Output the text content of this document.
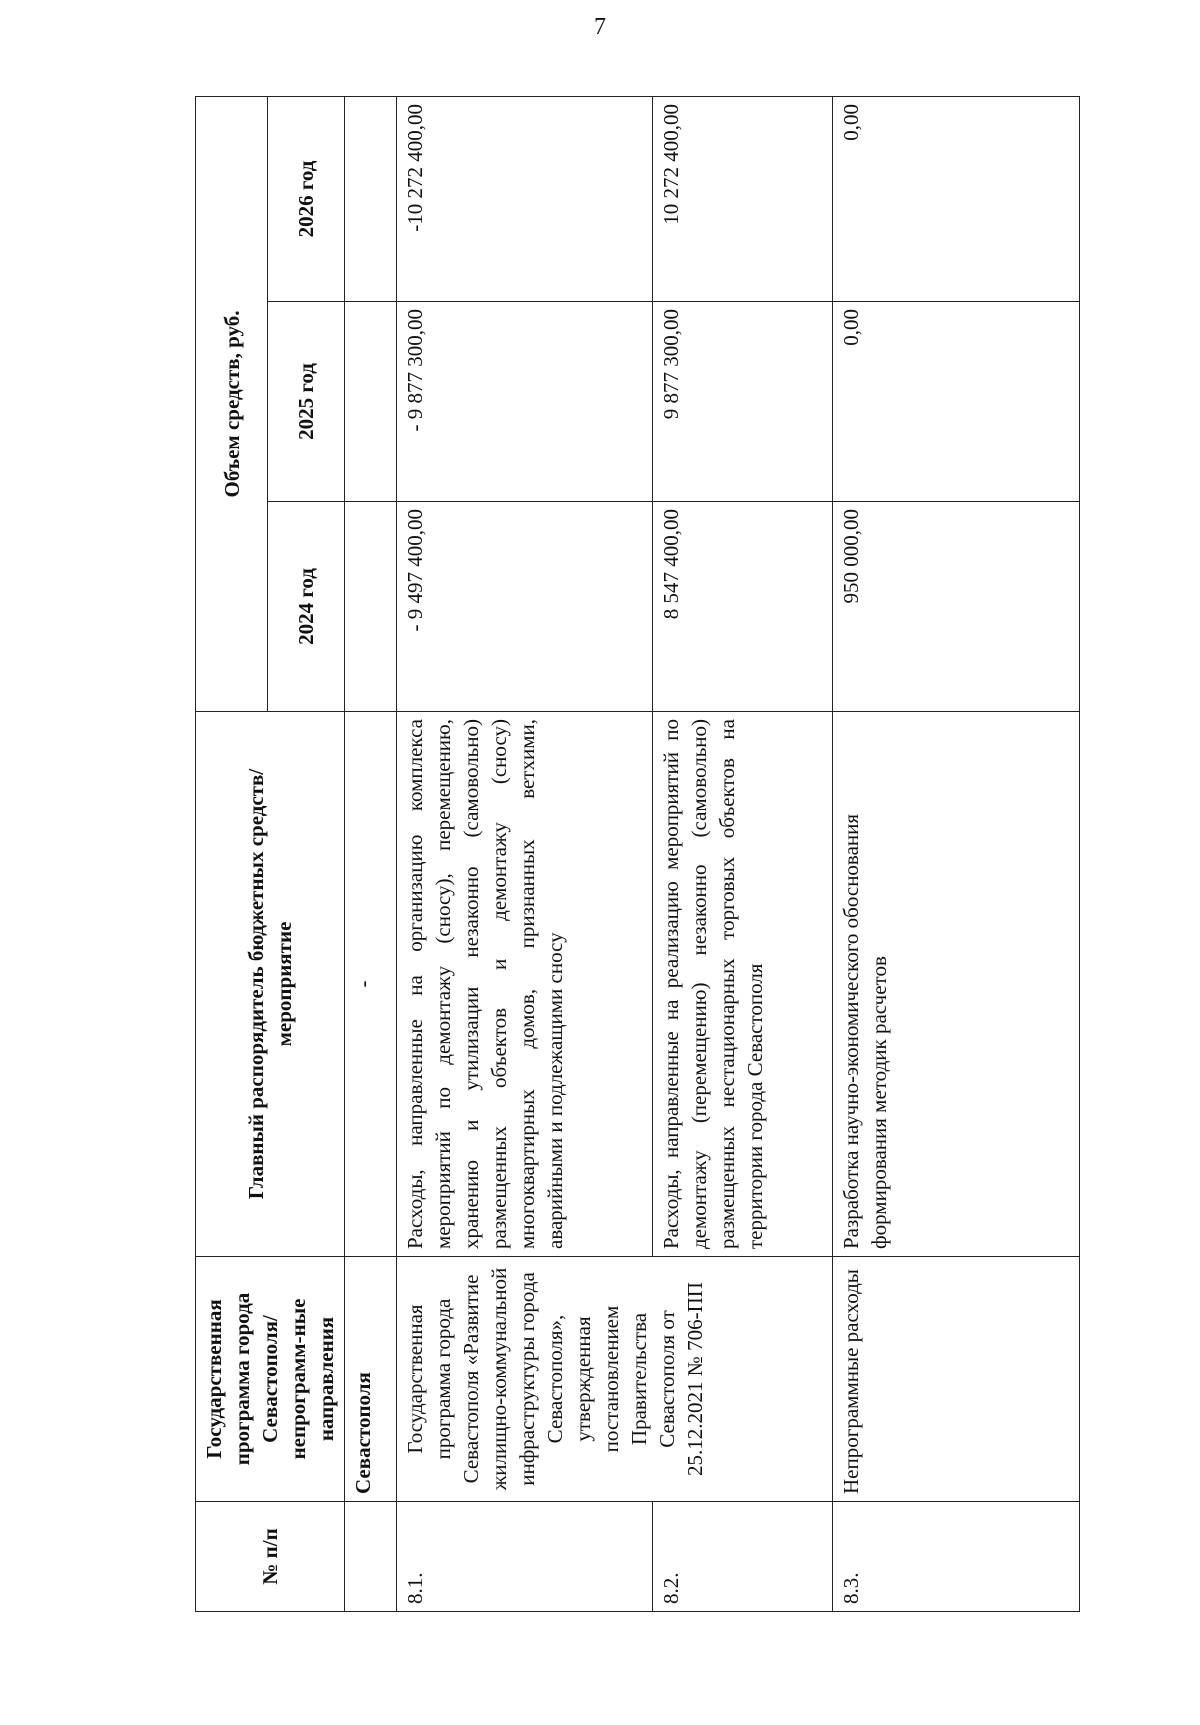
7
№ п/п	Государственная программа города Севастополя/непрограмм-ные направления	Главный распорядитель бюджетных средств/мероприятие	Объем средств, руб.		
			2024 год	2025 год	2026 год
	Севастополя	-			
8.1.	Государственная программа города Севастополя «Развитие жилищно-коммунальной инфраструктуры города Севастополя», утвержденная постановлением Правительства Севастополя от 25.12.2021 № 706-ПП	Расходы, направленные на организацию комплекса мероприятий по демонтажу (сносу), перемещению, хранению и утилизации незаконно (самовольно) размещенных объектов и демонтажу (сносу) многоквартирных домов, признанных ветхими, аварийными и подлежащими сносу	- 9 497 400,00	- 9 877 300,00	-10 272 400,00
8.2.		Расходы, направленные на реализацию мероприятий по демонтажу (перемещению) незаконно (самовольно) размещенных нестационарных торговых объектов на территории города Севастополя	8 547 400,00	9 877 300,00	10 272 400,00
8.3.	Непрограммные расходы	Разработка научно-экономического обоснования формирования методик расчетов	950 000,00	0,00	0,00
